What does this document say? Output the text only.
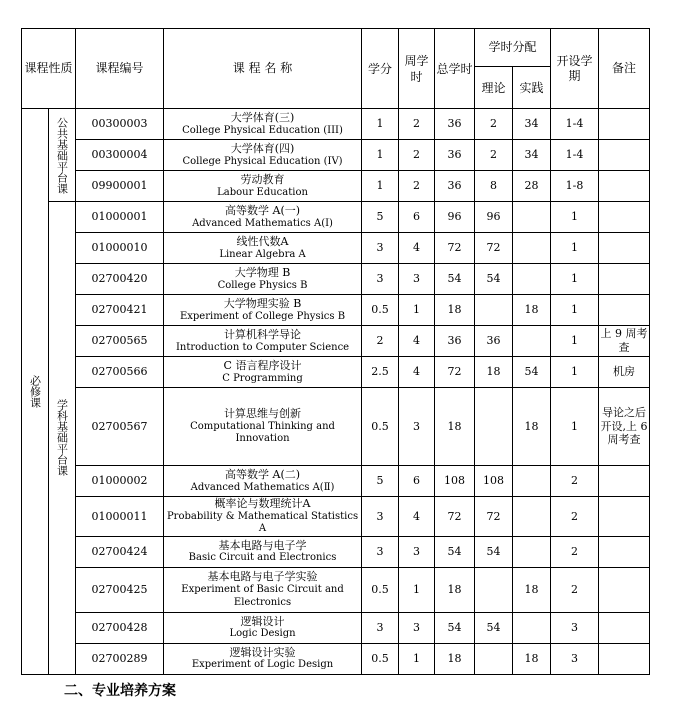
课程性质		课程编号	课 程 名 称	学分	周学时	总学时	学时分配		开设学期	备注

							理论	实践		

必修课	公共基础平台课	00300003	大学体育(三)
College Physical Education (III)	1	2	36	2	34	1-4	
		00300004	大学体育(四)
College Physical Education (IV)	1	2	36	2	34	1-4	
		09900001	劳动教育
Labour Education	1	2	36	8	28	1-8	

	学科基础平台课	01000001	高等数学 A(一)
Advanced Mathematics A(Ⅰ)	5	6	96	96		1	
		01000010	线性代数A
Linear Algebra A	3	4	72	72		1	
		02700420	大学物理 B
College Physics B	3	3	54	54		1	
		02700421	大学物理实验 B
Experiment of College Physics B	0.5	1	18		18	1	
		02700565	计算机科学导论
Introduction to Computer Science	2	4	36	36		1	上 9 周考查
		02700566	C 语言程序设计
C Programming	2.5	4	72	18	54	1	机房
		02700567	计算思维与创新
Computational Thinking and Innovation	0.5	3	18		18	1	导论之后开设,上 6 周考查
		01000002	高等数学 A(二)
Advanced Mathematics A(Ⅱ)	5	6	108	108		2	
		01000011	概率论与数理统计A
Probability & Mathematical Statistics A	3	4	72	72		2	
		02700424	基本电路与电子学
Basic Circuit and Electronics	3	3	54	54		2	
		02700425	基本电路与电子学实验
Experiment of Basic Circuit and Electronics	0.5	1	18		18	2	
		02700428	逻辑设计
Logic Design	3	3	54	54		3	
		02700289	逻辑设计实验
Experiment of Logic Design	0.5	1	18		18	3	
二、专业培养方案
